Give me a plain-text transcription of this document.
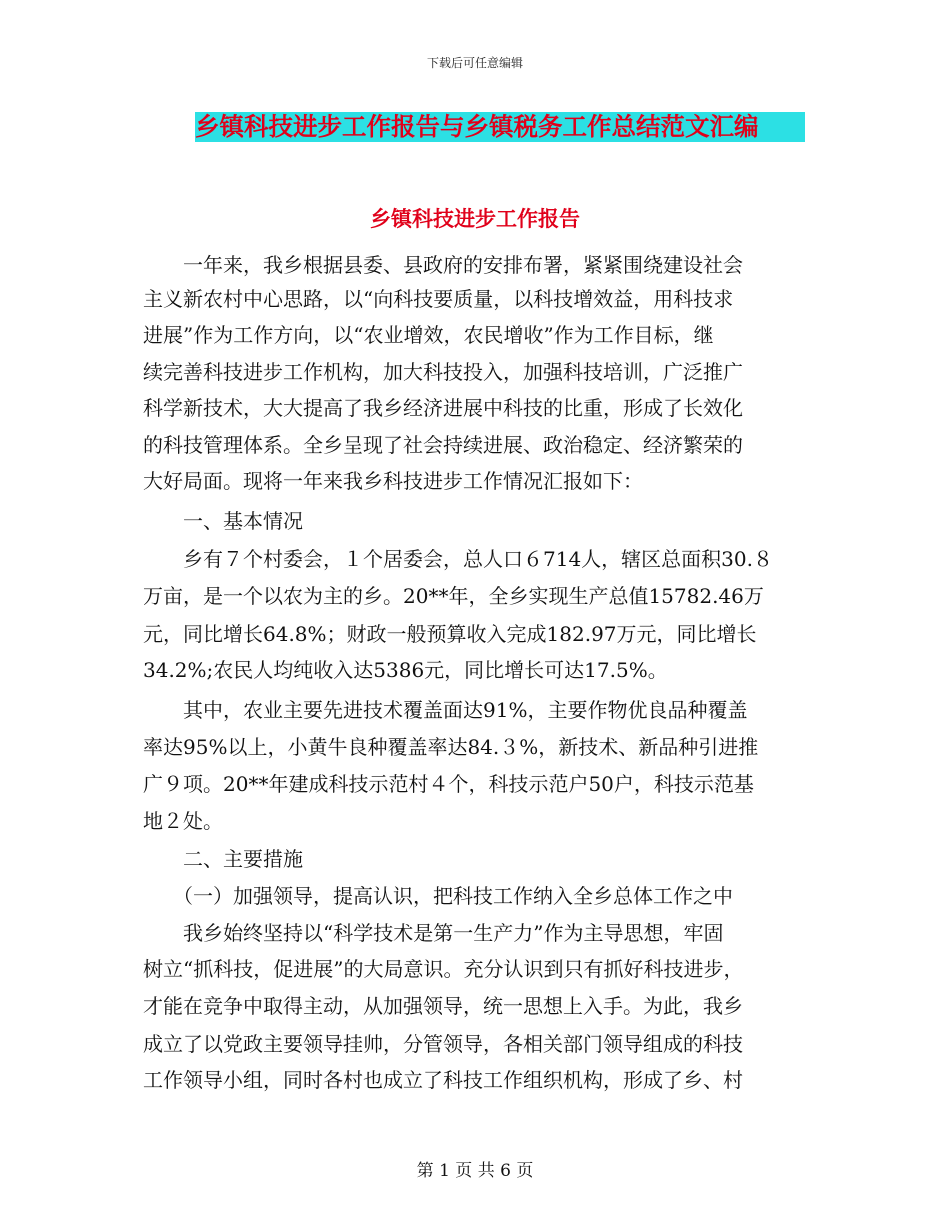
下载后可任意编辑
乡镇科技进步工作报告与乡镇税务工作总结范文汇编
乡镇科技进步工作报告
　　一年来，我乡根据县委、县政府的安排布署，紧紧围绕建设社会
主义新农村中心思路，以“向科技要质量，以科技增效益，用科技求
进展”作为工作方向，以“农业增效，农民增收”作为工作目标，继
续完善科技进步工作机构，加大科技投入，加强科技培训，广泛推广
科学新技术，大大提高了我乡经济进展中科技的比重，形成了长效化
的科技管理体系。全乡呈现了社会持续进展、政治稳定、经济繁荣的
大好局面。现将一年来我乡科技进步工作情况汇报如下：
　　一、基本情况
　　乡有７个村委会，１个居委会，总人口６714人，辖区总面积30.８
万亩，是一个以农为主的乡。20**年，全乡实现生产总值15782.46万
元，同比增长64.8%；财政一般预算收入完成182.97万元，同比增长
34.2%;农民人均纯收入达5386元，同比增长可达17.5%。
　　其中，农业主要先进技术覆盖面达91%，主要作物优良品种覆盖
率达95%以上，小黄牛良种覆盖率达84.３%，新技术、新品种引进推
广９项。20**年建成科技示范村４个，科技示范户50户，科技示范基
地２处。
　　二、主要措施
　　（一）加强领导，提高认识，把科技工作纳入全乡总体工作之中
　　我乡始终坚持以“科学技术是第一生产力”作为主导思想，牢固
树立“抓科技，促进展”的大局意识。充分认识到只有抓好科技进步，
才能在竞争中取得主动，从加强领导，统一思想上入手。为此，我乡
成立了以党政主要领导挂帅，分管领导，各相关部门领导组成的科技
工作领导小组，同时各村也成立了科技工作组织机构，形成了乡、村
第 1 页 共 6 页
